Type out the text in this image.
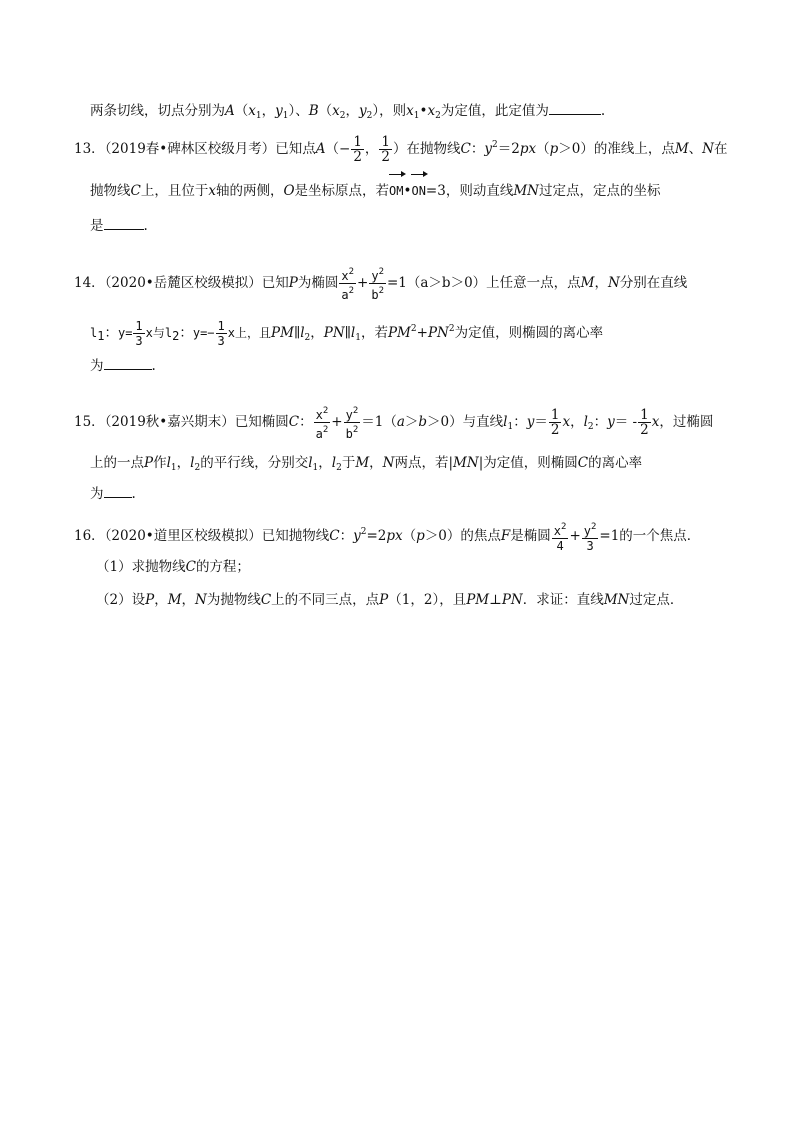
两条切线，切点分别为$A(x_1$，$y_1$）、$B(x_2$，$y_2$），则$x_1•x_2$为定值，此定值为	.
13．（2019春•碑林区校级月考）已知点$A(- \frac{1}{2}$ ， $\frac{1}{2}$ ）在抛物线C：$y^2=2px(p>0)$的准线上，点M、N在
抛物线C上，且位于x轴的两侧，O是坐标原点，若
OM•
ON=3，则动直线MN过定点，定点的坐标
是	.
14．（2020•岳麓区校级模拟）已知P为椭圆 $\frac{x^2}{a^2} + \frac{y^2}{b^2} =1(a>b>0)$上任意一点，点M，N分别在直线
l1：$y= \frac{1}{3}$ x与l2：$y=- \frac{1}{3}$ x上，且$PM\parallel l_2$，$PN\parallel l_1$，若$PM^2+PN^2$为定值，则椭圆的离心率
为	.
15．（2019秋•嘉兴期末）已知椭圆C： $\frac{x^2}{a^2} + \frac{y^2}{b^2} =1(a>b>0)$与直线$l_1$：$y= \frac{1}{2}$ x，$l_2$：$y= - \frac{1}{2}$ x，过椭圆
上的一点P作$l_1$，$l_2$的平行线，分别交$l_1$，$l_2$于M，N两点，若|MN|为定值，则椭圆C的离心率
为 .
16．（2020•道里区校级模拟）已知抛物线C：$y^2=2px(p>0)$的焦点F是椭圆 $\frac{x^2}{4} + \frac{y^2}{3} =1$的一个焦点．
（1）求抛物线C的方程；
（2）设P，M，N为抛物线C上的不同三点，点P（1，2），且PM⊥PN．求证：直线MN过定点．
